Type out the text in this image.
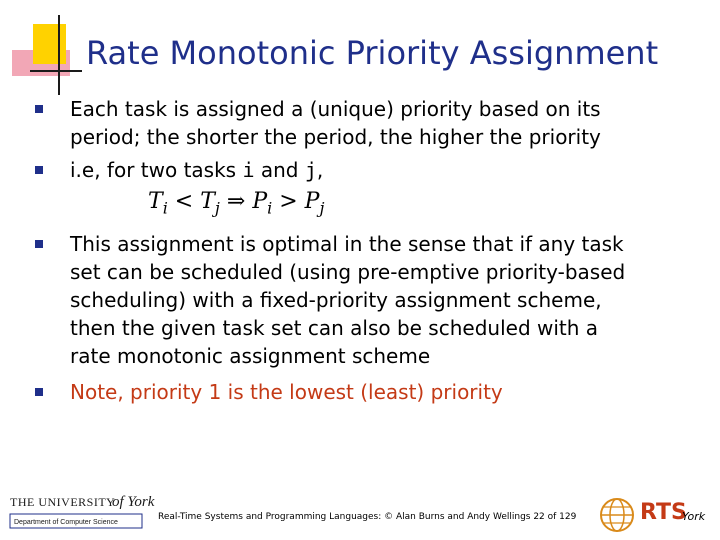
Rate Monotonic Priority Assignment
Each task is assigned a (unique) priority based on its
period; the shorter the period, the higher the priority
i.e, for two tasks i and j,
This assignment is optimal in the sense that if any task
set can be scheduled (using pre-emptive priority-based
scheduling) with a fixed-priority assignment scheme,
then the given task set can also be scheduled with a
rate monotonic assignment scheme
Note, priority 1 is the lowest (least) priority
$T_i < T_j$ ⇒ $P_i > P_j$
THE UNIVERSITY
of York
Department of Computer Science
Real-Time Systems and Programming Languages: © Alan Burns and Andy Wellings 22 of 129	RTS
York
